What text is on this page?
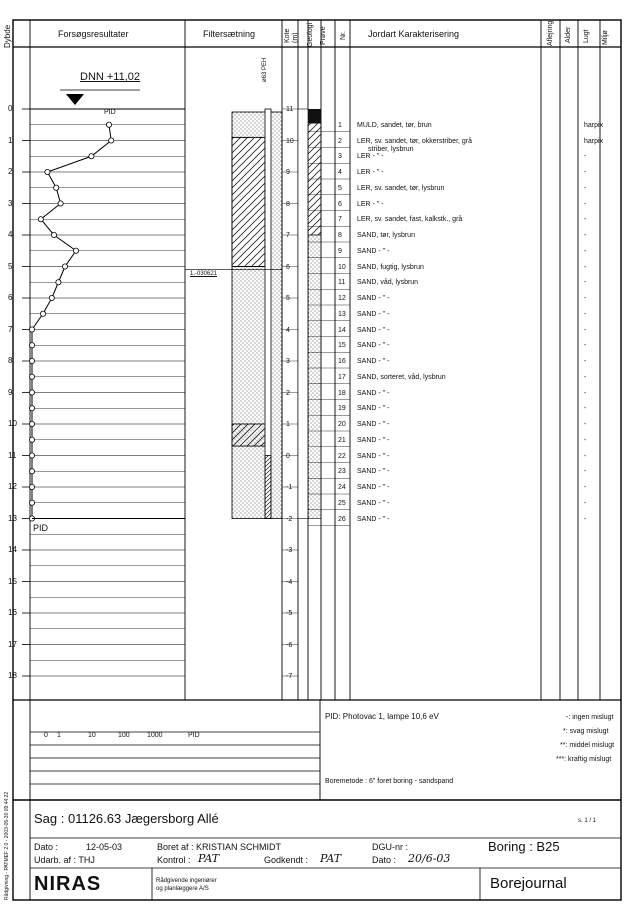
Dybde	Forsøgsresultater	Filtersætning	Kote (m) Geologi Prøve Nr. Jordart Karakterisering	Aflejring Alder Lugt Miljø
DNN +11,02
PID
PID
ø63 PEH
1.-030621
0
1
2
3
4
5
6
7
8
9
10
11
12
13
14
15
16
17
18
11
10
9
8
7
6
5
4
3
2
1
0
-1
-2
-3
-4
-5
-6
-7
1 MULD, sandet, tør, brun	harpix
2 LER, sv. sandet, tør, okkerstriber, grå
striber, lysbrun
harpix
3 LER - " -	-
4 LER - " -	-
5 LER, sv. sandet, tør, lysbrun	-
6 LER - " -	-
7 LER, sv. sandet, fast, kalkstk., grå	-
8 SAND, tør, lysbrun	-
9 SAND - " -	-
10 SAND, fugtig, lysbrun	-
11 SAND, våd, lysbrun	-
12 SAND - " -	-
13 SAND - " -	-
14 SAND - " -	-
15 SAND - " -	-
16 SAND - " -	-
17 SAND, sorteret, våd, lysbrun	-
18 SAND - " -	-
19 SAND - " -	-
20 SAND - " -	-
21 SAND - " -	-
22 SAND - " -	-
23 SAND - " -	-
24 SAND - " -	-
25 SAND - " -	-
26 SAND - " -	-
0 1	10	100 1000	PID
PID: Photovac 1, lampe 10,6 eV	-: ingen mislugt
*: svag mislugt
**: middel mislugt
***: kraftig mislugt
Boremetode : 6" foret boring - sandspand
Rådgivning - PATMEF 2.0 - 2003-05-30 09:44:22 Sag : 01126.63 Jægersborg Allé	s. 1 / 1
Dato :	12-05-03	Boret af : KRISTIAN SCHMIDT	DGU-nr :	Boring : B25
Udarb. af : THJ	Kontrol : PAT	Godkendt : PAT	Dato : 20/6-03
NIRAS	Rådgivende ingeniører
og planlæggere A/S	Borejournal
